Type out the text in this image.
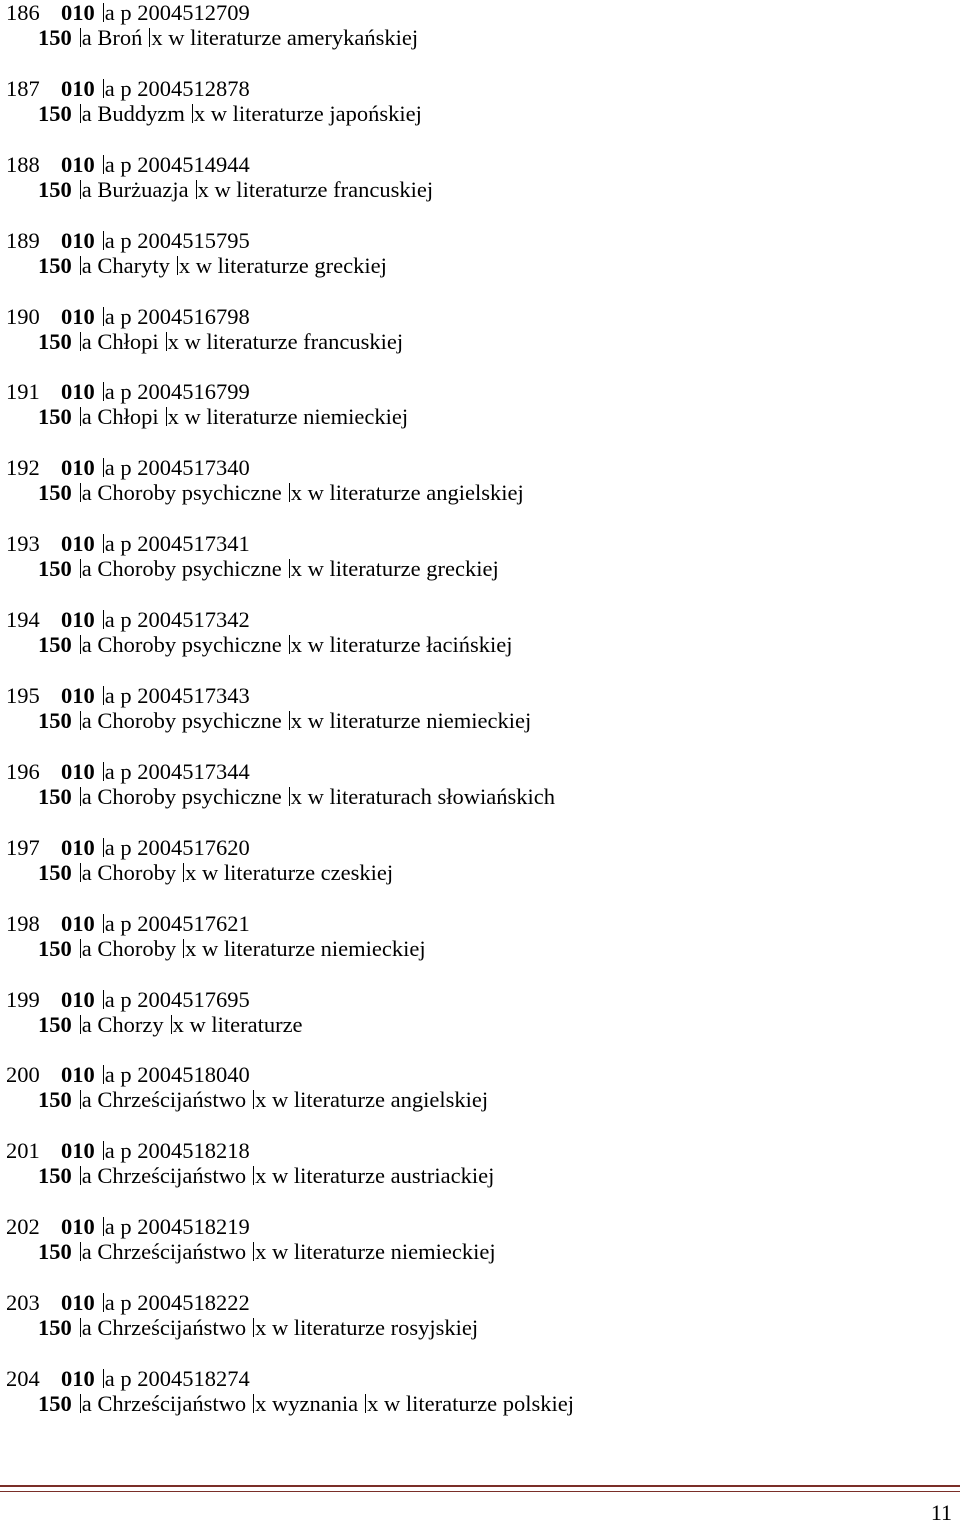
186 010 a p 2004512709
150 a Broń x w literaturze amerykańskiej
187 010 a p 2004512878
150 a Buddyzm x w literaturze japońskiej
188 010 a p 2004514944
150 a Burżuazja x w literaturze francuskiej
189 010 a p 2004515795
150 a Charyty x w literaturze greckiej
190 010 a p 2004516798
150 a Chłopi x w literaturze francuskiej
191 010 a p 2004516799
150 a Chłopi x w literaturze niemieckiej
192 010 a p 2004517340
150 a Choroby psychiczne x w literaturze angielskiej
193 010 a p 2004517341
150 a Choroby psychiczne x w literaturze greckiej
194 010 a p 2004517342
150 a Choroby psychiczne x w literaturze łacińskiej
195 010 a p 2004517343
150 a Choroby psychiczne x w literaturze niemieckiej
196 010 a p 2004517344
150 a Choroby psychiczne x w literaturach słowiańskich
197 010 a p 2004517620
150 a Choroby x w literaturze czeskiej
198 010 a p 2004517621
150 a Choroby x w literaturze niemieckiej
199 010 a p 2004517695
150 a Chorzy x w literaturze
200 010 a p 2004518040
150 a Chrześcijaństwo x w literaturze angielskiej
201 010 a p 2004518218
150 a Chrześcijaństwo x w literaturze austriackiej
202 010 a p 2004518219
150 a Chrześcijaństwo x w literaturze niemieckiej
203 010 a p 2004518222
150 a Chrześcijaństwo x w literaturze rosyjskiej
204 010 a p 2004518274
150 a Chrześcijaństwo x wyznania x w literaturze polskiej
11
